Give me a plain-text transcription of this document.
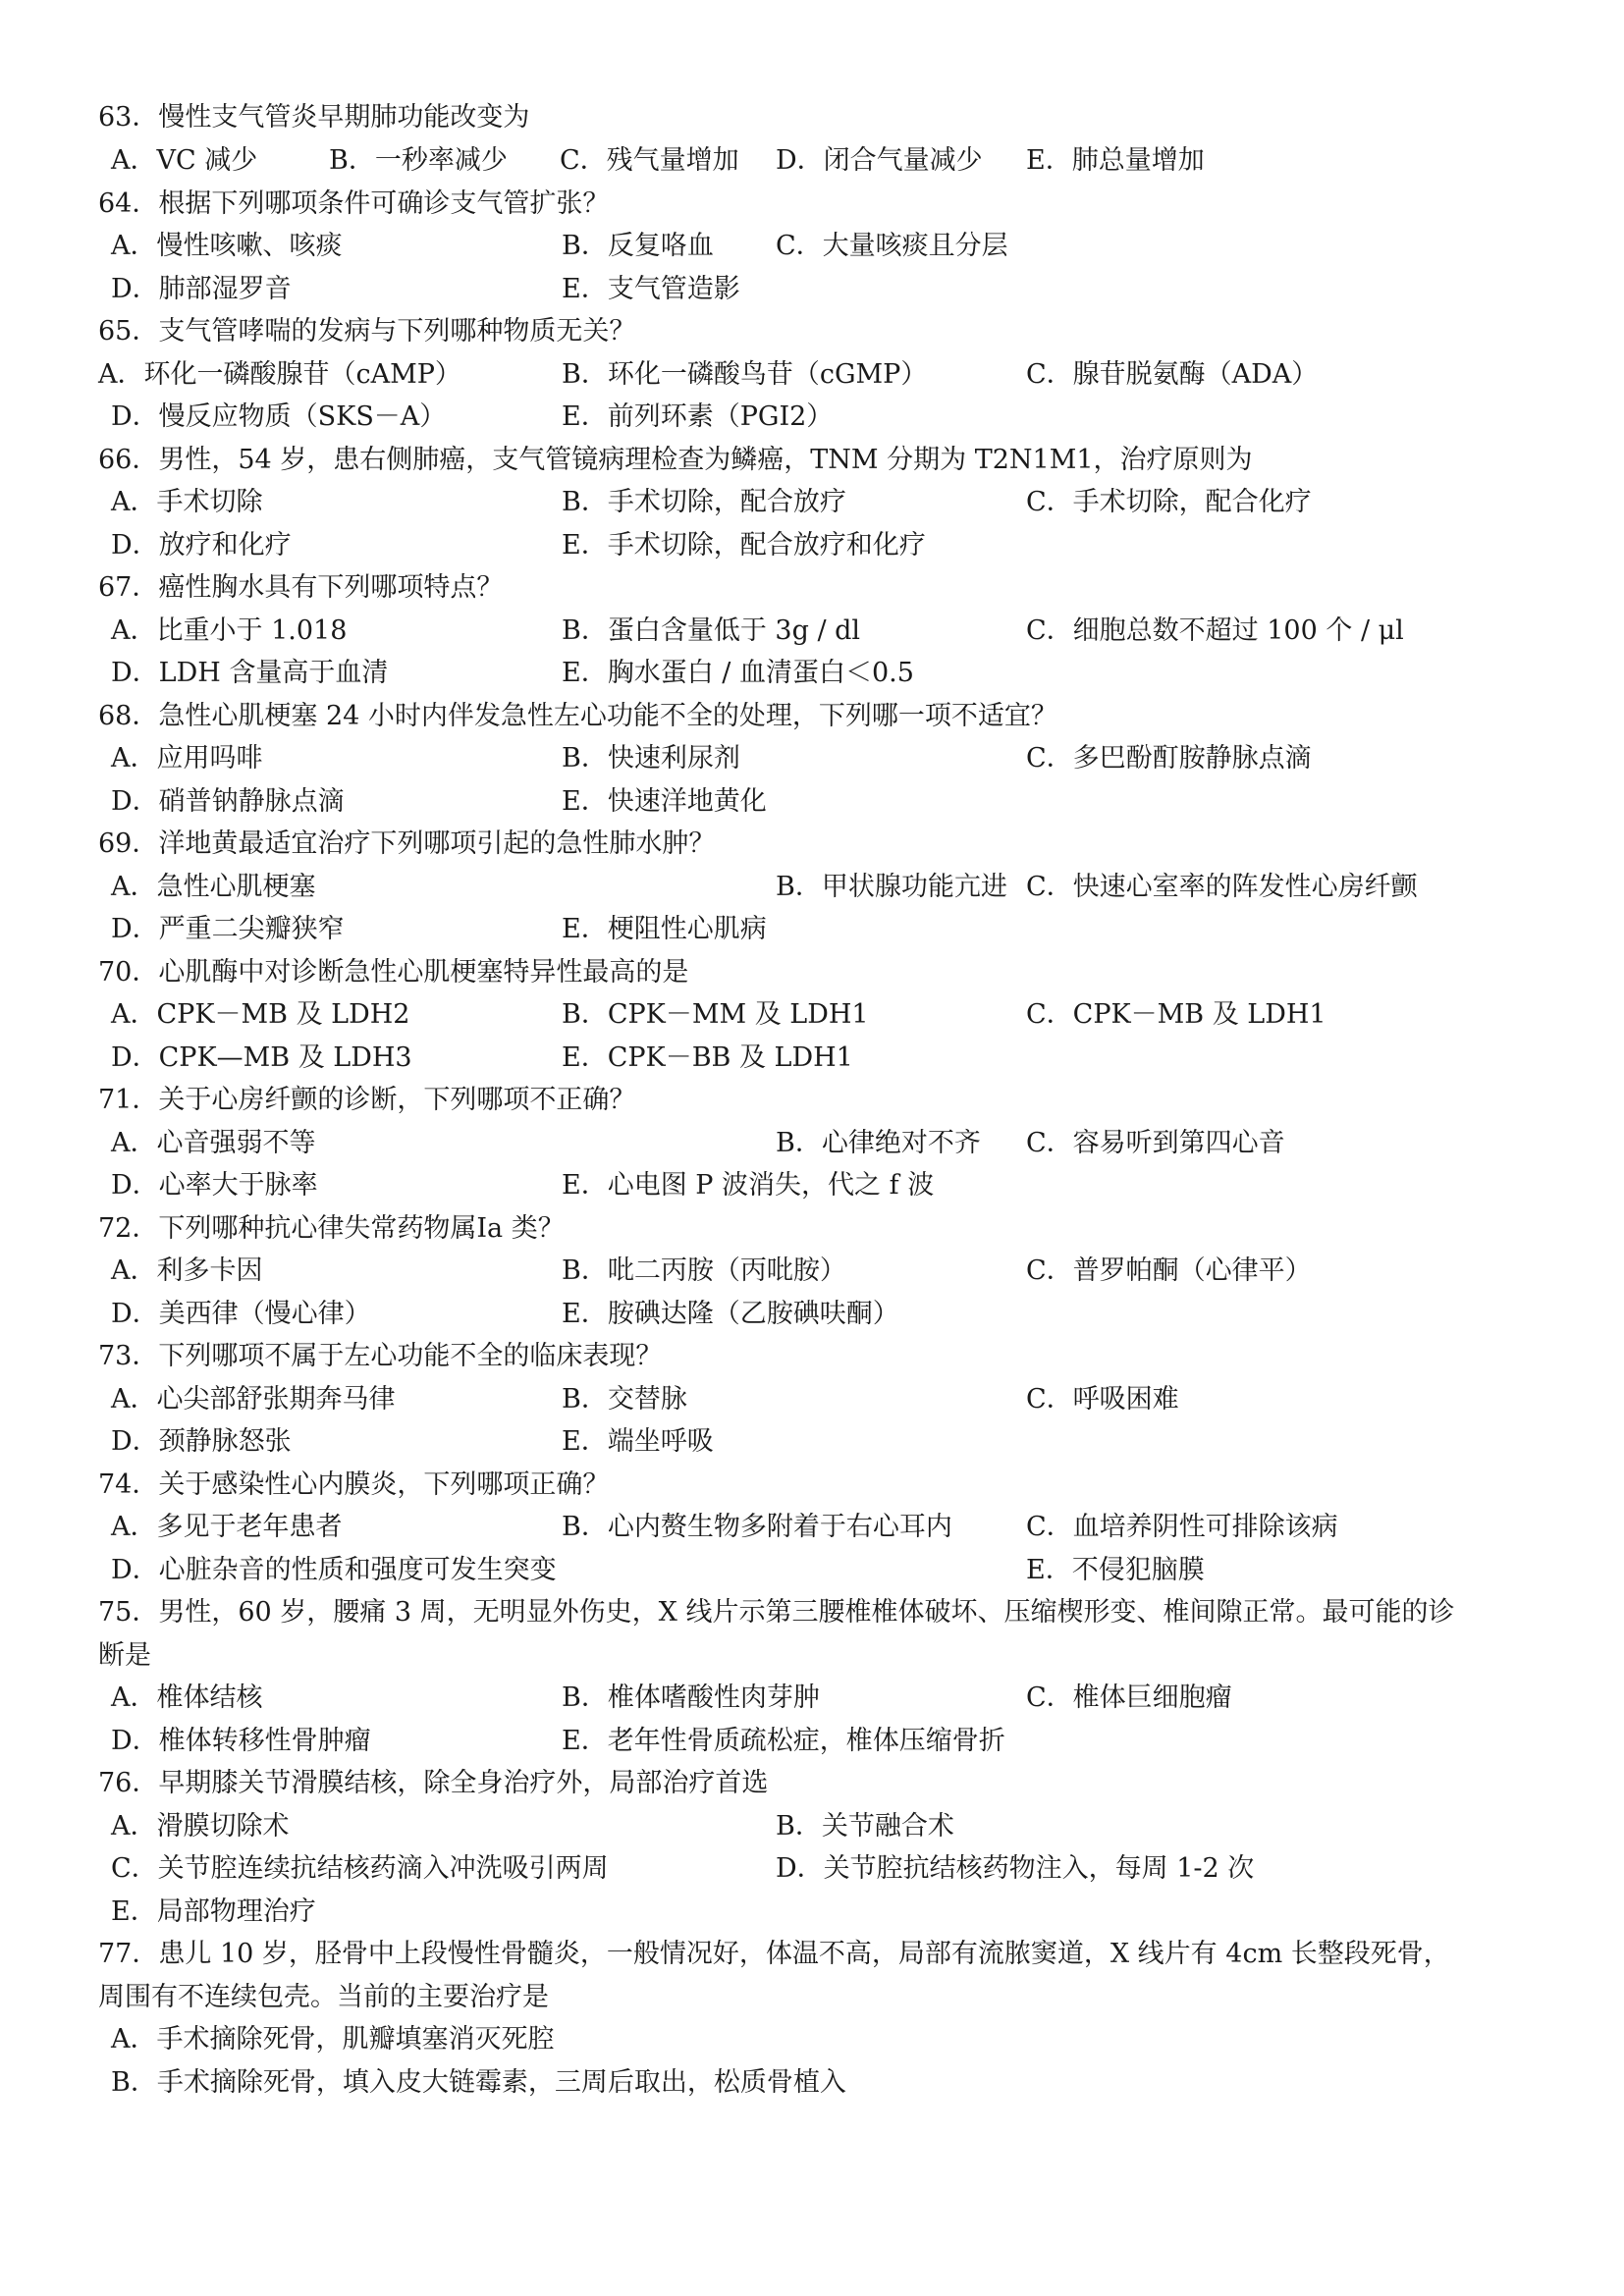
63．慢性支气管炎早期肺功能改变为
A．VC 减少	B．一秒率减少 C．残气量增加 D．闭合气量减少 E．肺总量增加
64．根据下列哪项条件可确诊支气管扩张？
A．慢性咳嗽、咳痰	B．反复咯血 C．大量咳痰且分层
D．肺部湿罗音	E．支气管造影
65．支气管哮喘的发病与下列哪种物质无关？
A．环化一磷酸腺苷（cAMP）	B．环化一磷酸鸟苷（cGMP）	C．腺苷脱氨酶（ADA）
D．慢反应物质（SKS－A）	E．前列环素（PGI2）
66．男性，54 岁，患右侧肺癌，支气管镜病理检查为鳞癌，TNM 分期为 T2N1M1，治疗原则为
A．手术切除	B．手术切除，配合放疗	C．手术切除，配合化疗
D．放疗和化疗	E．手术切除，配合放疗和化疗
67．癌性胸水具有下列哪项特点？
A．比重小于 1.018	B．蛋白含量低于 3g / dl	C．细胞总数不超过 100 个 / μl
D．LDH 含量高于血清	E．胸水蛋白 / 血清蛋白＜0.5
68．急性心肌梗塞 24 小时内伴发急性左心功能不全的处理，下列哪一项不适宜？
A．应用吗啡	B．快速利尿剂	C．多巴酚酊胺静脉点滴
D．硝普钠静脉点滴	E．快速洋地黄化
69．洋地黄最适宜治疗下列哪项引起的急性肺水肿？
A．急性心肌梗塞	B．甲状腺功能亢进 C．快速心室率的阵发性心房纤颤
D．严重二尖瓣狭窄	E．梗阻性心肌病
70．心肌酶中对诊断急性心肌梗塞特异性最高的是
A．CPK－MB 及 LDH2	B．CPK－MM 及 LDH1	C．CPK－MB 及 LDH1
D．CPK—MB 及 LDH3	E．CPK－BB 及 LDH1
71．关于心房纤颤的诊断，下列哪项不正确？
A．心音强弱不等	B．心律绝对不齐 C．容易听到第四心音
D．心率大于脉率	E．心电图 P 波消失，代之 f 波
72．下列哪种抗心律失常药物属Ⅰa 类？
A．利多卡因	B．吡二丙胺（丙吡胺）	C．普罗帕酮（心律平）
D．美西律（慢心律）	E．胺碘达隆（乙胺碘呋酮）
73．下列哪项不属于左心功能不全的临床表现？
A．心尖部舒张期奔马律	B．交替脉	C．呼吸困难
D．颈静脉怒张	E．端坐呼吸
74．关于感染性心内膜炎，下列哪项正确？
A．多见于老年患者	B．心内赘生物多附着于右心耳内	C．血培养阴性可排除该病
D．心脏杂音的性质和强度可发生突变	E．不侵犯脑膜
75．男性，60 岁，腰痛 3 周，无明显外伤史，X 线片示第三腰椎椎体破坏、压缩楔形变、椎间隙正常。最可能的诊
断是
A．椎体结核	B．椎体嗜酸性肉芽肿	C．椎体巨细胞瘤
D．椎体转移性骨肿瘤	E．老年性骨质疏松症，椎体压缩骨折
76．早期膝关节滑膜结核，除全身治疗外，局部治疗首选
A．滑膜切除术	B．关节融合术
C．关节腔连续抗结核药滴入冲洗吸引两周	D．关节腔抗结核药物注入，每周 1-2 次
E．局部物理治疗
77．患儿 10 岁，胫骨中上段慢性骨髓炎，一般情况好，体温不高，局部有流脓窦道，X 线片有 4cm 长整段死骨，
周围有不连续包壳。当前的主要治疗是
A．手术摘除死骨，肌瓣填塞消灭死腔
B．手术摘除死骨，填入皮大链霉素，三周后取出，松质骨植入
